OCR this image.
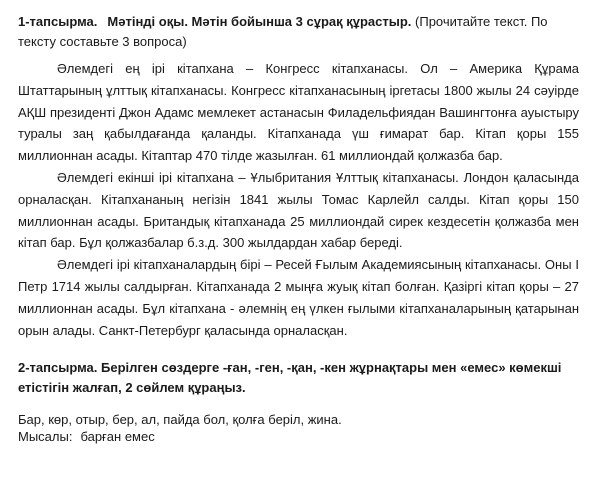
1-тапсырма. Мәтінді оқы. Мәтін бойынша 3 сұрақ құрастыр. (Прочитайте текст. По тексту составьте 3 вопроса)

Әлемдегі ең ірі кітапхана – Конгресс кітапханасы. Ол – Америка Құрама Штаттарының ұлттық кітапханасы. Конгресс кітапханасының іргетасы 1800 жылы 24 сәуірде АҚШ президенті Джон Адамс мемлекет астанасын Филадельфиядан Вашингтонға ауыстыру туралы заң қабылдағанда қаланды. Кітапханада үш ғимарат бар. Кітап қоры 155 миллионнан асады. Кітаптар 470 тілде жазылған. 61 миллиондай қолжазба бар.

Әлемдегі екінші ірі кітапхана – Ұлыбритания Ұлттық кітапханасы. Лондон қаласында орналасқан. Кітапхананың негізін 1841 жылы Томас Карлейл салды. Кітап қоры 150 миллионнан асады. Британдық кітапханада 25 миллиондай сирек кездесетін қолжазба мен кітап бар. Бұл қолжазбалар б.з.д. 300 жылдардан хабар береді.

Әлемдегі ірі кітапханалардың бірі – Ресей Ғылым Академиясының кітапханасы. Оны I Петр 1714 жылы салдырған. Кітапханада 2 мыңға жуық кітап болған. Қазіргі кітап қоры – 27 миллионнан асады. Бұл кітапхана - әлемнің ең үлкен ғылыми кітапханаларының қатарынан орын алады. Санкт-Петербург қаласында орналасқан.

2-тапсырма. Берілген сөздерге -ған, -ген, -қан, -кен жұрнақтары мен «емес» көмекші етістігін жалғап, 2 сөйлем құраңыз.
Бар, көр, отыр, бер, ал, пайда бол, қолға беріл, жина.
Мысалы: барған емес
